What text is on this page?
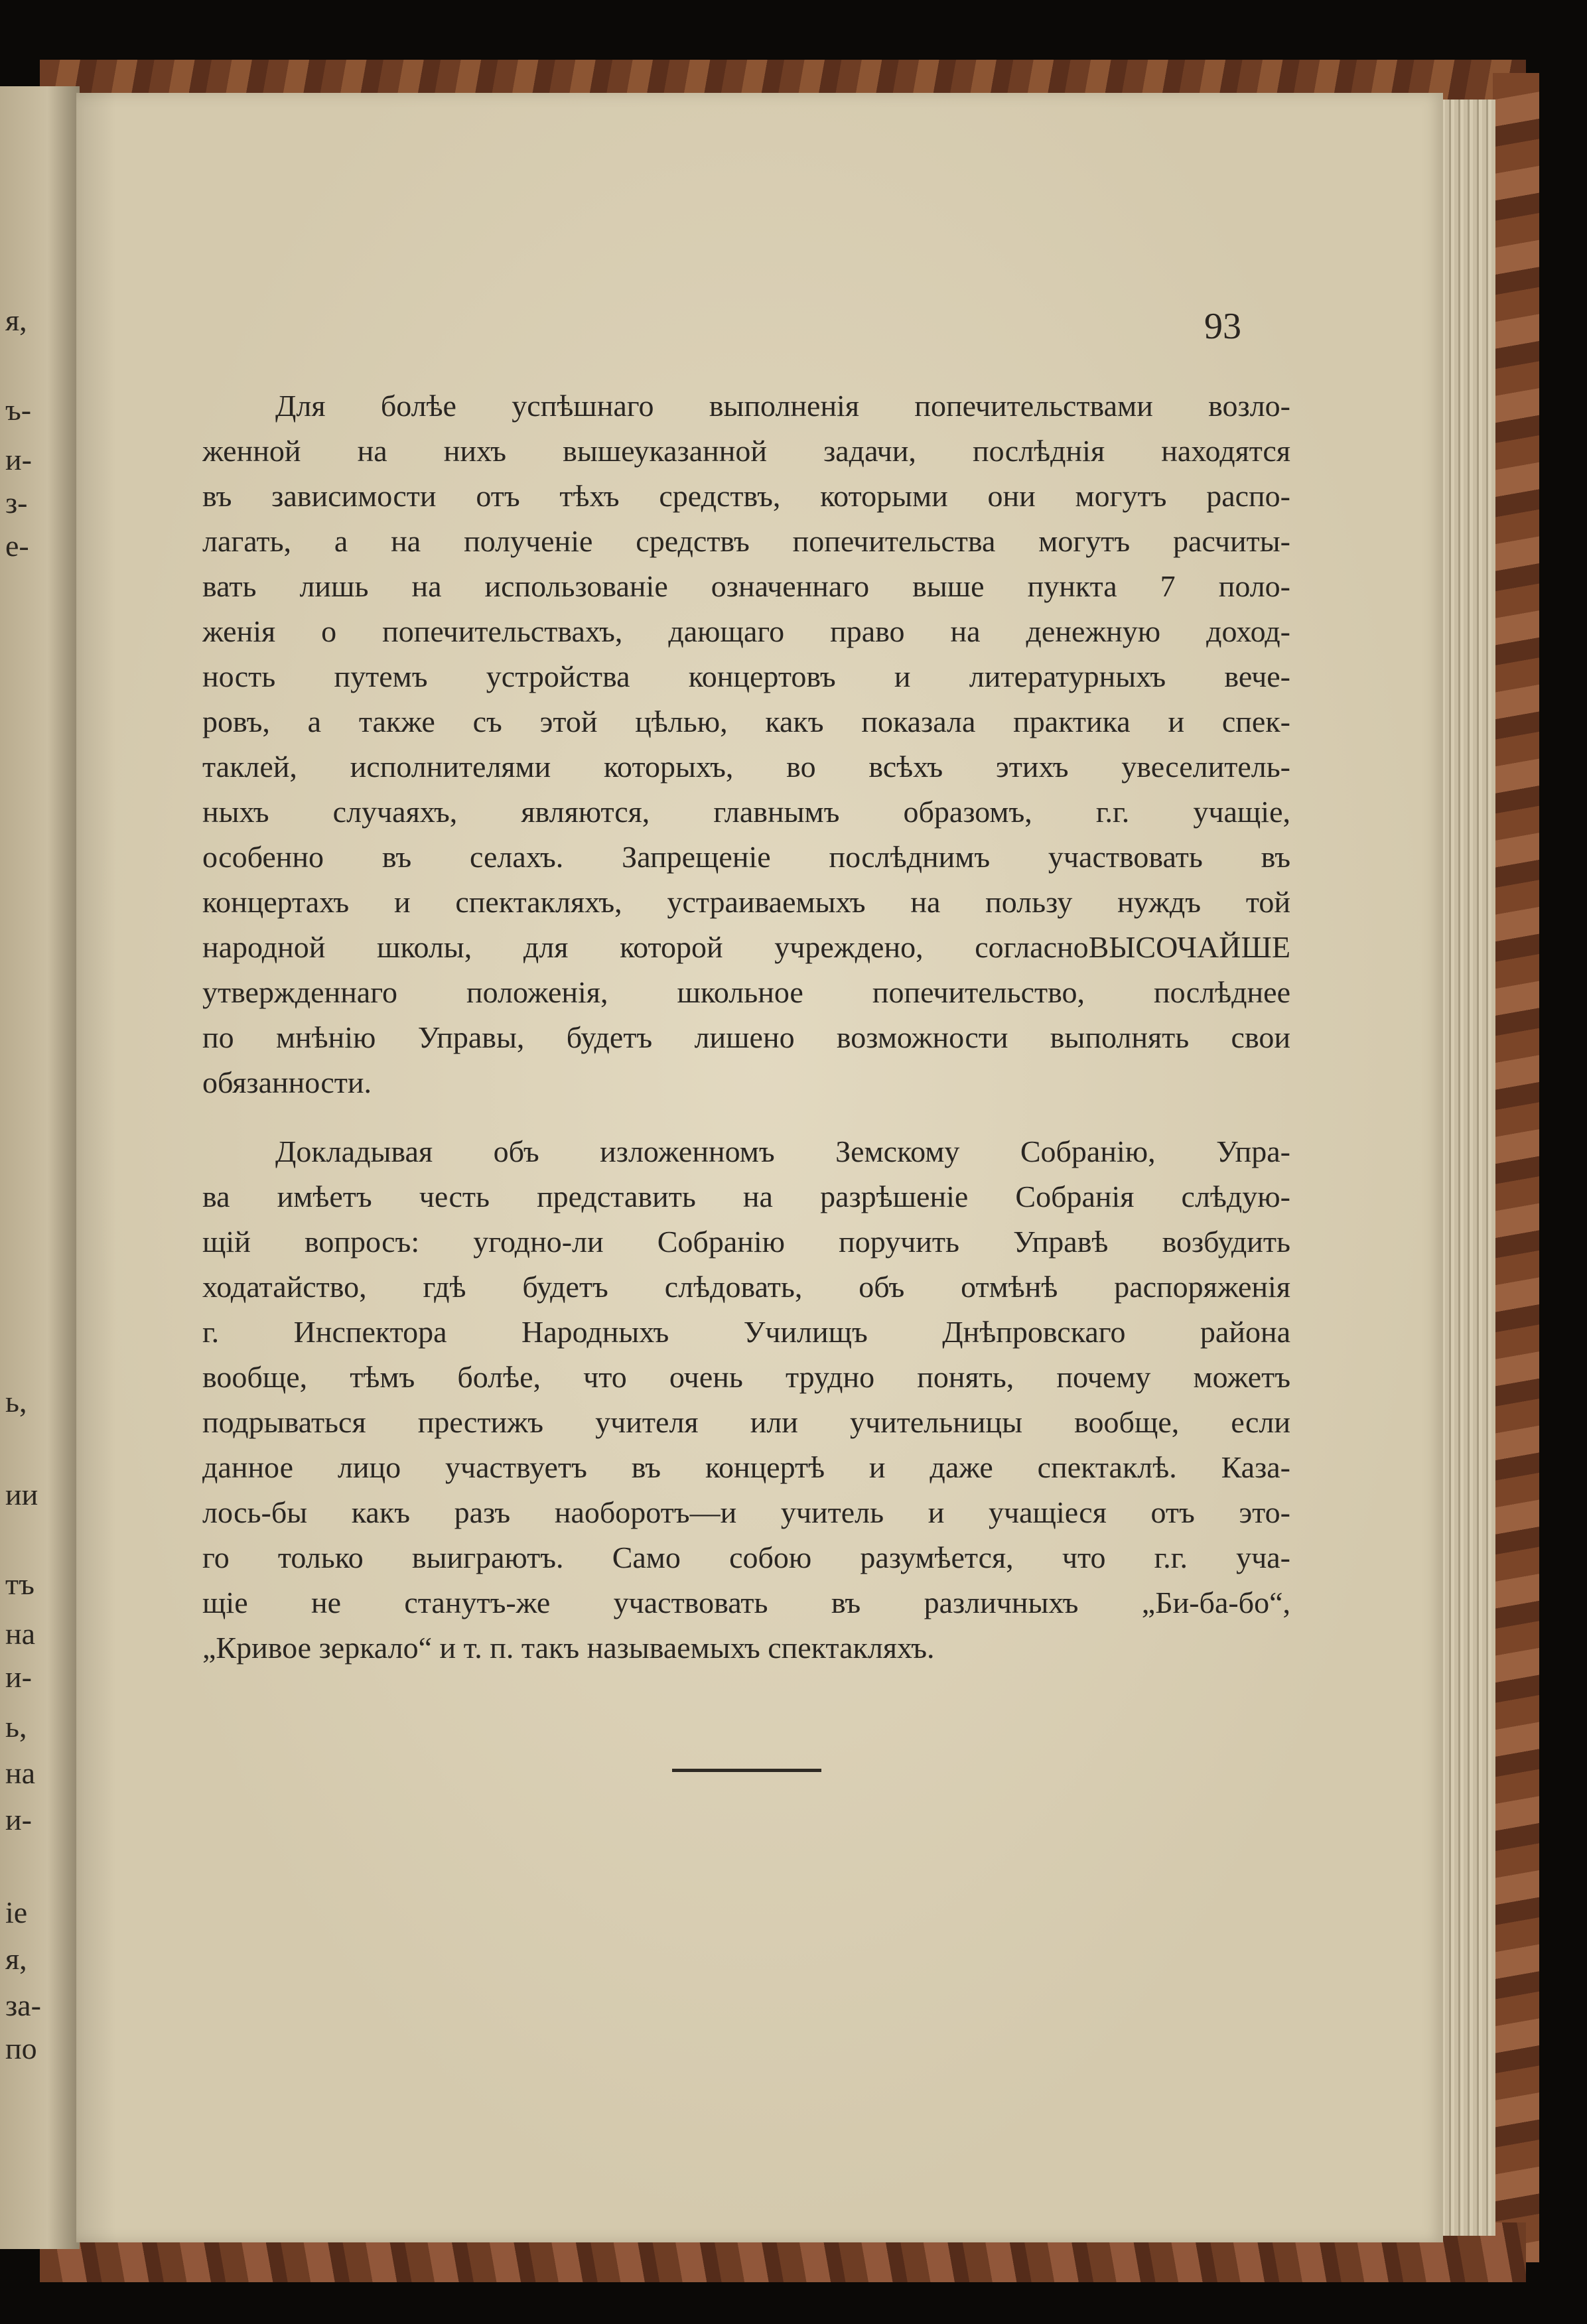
я,
ъ-
и-
з-
е-
ь,
ии
тъ
на
и-
ь,
на
и-
іе
я,
за-
по
93
Для болѣе успѣшнаго выполненія попечительствами возло-
женной на нихъ вышеуказанной задачи, послѣднія находятся
въ зависимости отъ тѣхъ средствъ, которыми они могутъ распо-
лагать, а на полученіе средствъ попечительства могутъ расчиты-
вать лишь на использованіе означеннаго выше пункта 7 поло-
женія о попечительствахъ, дающаго право на денежную доход-
ность путемъ устройства концертовъ и литературныхъ вече-
ровъ, а также съ этой цѣлью, какъ показала практика и спек-
таклей, исполнителями которыхъ, во всѣхъ этихъ увеселитель-
ныхъ случаяхъ, являются, главнымъ образомъ, г.г. учащіе,
особенно въ селахъ. Запрещеніе послѣднимъ участвовать въ
концертахъ и спектакляхъ, устраиваемыхъ на пользу нуждъ той
народной школы, для которой учреждено, согласноВЫСОЧАЙШЕ
утвержденнаго положенія, школьное попечительство, послѣднее
по мнѣнію Управы, будетъ лишено возможности выполнять свои
обязанности.
Докладывая объ изложенномъ Земскому Собранію, Упра-
ва имѣетъ честь представить на разрѣшеніе Собранія слѣдую-
щій вопросъ: угодно-ли Собранію поручить Управѣ возбудить
ходатайство, гдѣ будетъ слѣдовать, объ отмѣнѣ распоряженія
г. Инспектора Народныхъ Училищъ Днѣпровскаго района
вообще, тѣмъ болѣе, что очень трудно понять, почему можетъ
подрываться престижъ учителя или учительницы вообще, если
данное лицо участвуетъ въ концертѣ и даже спектаклѣ. Каза-
лось-бы какъ разъ наоборотъ—и учитель и учащіеся отъ это-
го только выиграютъ. Само собою разумѣется, что г.г. уча-
щіе не станутъ-же участвовать въ различныхъ „Би-ба-бо“,
„Кривое зеркало“ и т. п. такъ называемыхъ спектакляхъ.
